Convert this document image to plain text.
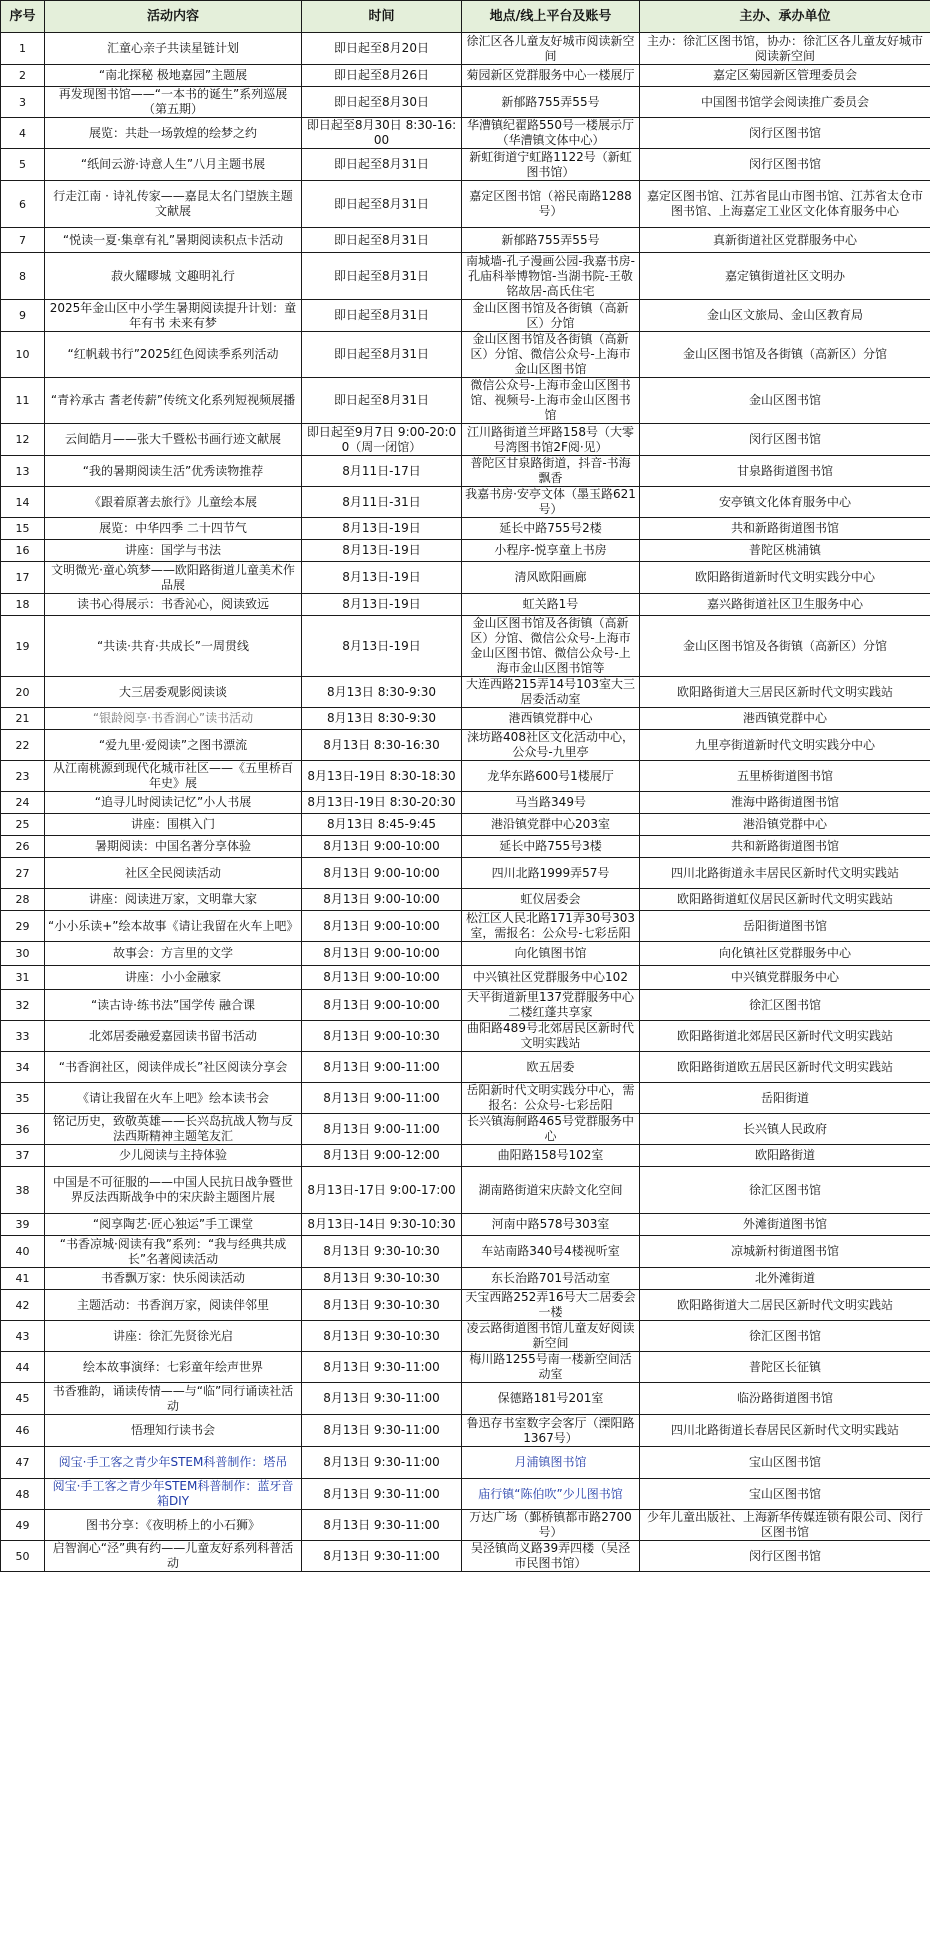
序号	活动内容	时间	地点/线上平台及账号	主办、承办单位
1	汇童心亲子共读星链计划	即日起至8月20日	徐汇区各儿童友好城市阅读新空间	主办：徐汇区图书馆，协办：徐汇区各儿童友好城市阅读新空间
2	“南北探秘 极地嘉园”主题展	即日起至8月26日	菊园新区党群服务中心一楼展厅	嘉定区菊园新区管理委员会
3	再发现图书馆——“一本书的诞生”系列巡展（第五期）	即日起至8月30日	新郁路755弄55号	中国图书馆学会阅读推广委员会
4	展览：共赴一场敦煌的绘梦之约	即日起至8月30日 8:30-16:00	华漕镇纪翟路550号一楼展示厅（华漕镇文体中心）	闵行区图书馆
5	“纸间云游·诗意人生”八月主题书展	即日起至8月31日	新虹街道宁虹路1122号（新虹图书馆）	闵行区图书馆
6	行走江南 · 诗礼传家——嘉昆太名门望族主题文献展	即日起至8月31日	嘉定区图书馆（裕民南路1288号）	嘉定区图书馆、江苏省昆山市图书馆、江苏省太仓市图书馆、上海嘉定工业区文化体育服务中心
7	“悦读一夏·集章有礼”暑期阅读积点卡活动	即日起至8月31日	新郁路755弄55号	真新街道社区党群服务中心
8	菽火耀疁城 文趣明礼行	即日起至8月31日	南城墙-孔子漫画公园-我嘉书房-孔庙科举博物馆-当湖书院-王敬铭故居-高氏住宅	嘉定镇街道社区文明办
9	2025年金山区中小学生暑期阅读提升计划：童年有书 未来有梦	即日起至8月31日	金山区图书馆及各街镇（高新区）分馆	金山区文旅局、金山区教育局
10	“红帆载书行”2025红色阅读季系列活动	即日起至8月31日	金山区图书馆及各街镇（高新区）分馆、微信公众号-上海市金山区图书馆	金山区图书馆及各街镇（高新区）分馆
11	“青衿承古 耆老传薪”传统文化系列短视频展播	即日起至8月31日	微信公众号-上海市金山区图书馆、视频号-上海市金山区图书馆	金山区图书馆
12	云间皓月——张大千暨松书画行迹文献展	即日起至9月7日 9:00-20:00（周一闭馆）	江川路街道兰坪路158号（大零号湾图书馆2F阅·见）	闵行区图书馆
13	“我的暑期阅读生活”优秀读物推荐	8月11日-17日	普陀区甘泉路街道，抖音-书海飘香	甘泉路街道图书馆
14	《跟着原著去旅行》儿童绘本展	8月11日-31日	我嘉书房·安亭文体（墨玉路621号）	安亭镇文化体育服务中心
15	展览：中华四季 二十四节气	8月13日-19日	延长中路755号2楼	共和新路街道图书馆
16	讲座：国学与书法	8月13日-19日	小程序-悦享童上书房	普陀区桃浦镇
17	文明微光·童心筑梦——欧阳路街道儿童美术作品展	8月13日-19日	清风欧阳画廊	欧阳路街道新时代文明实践分中心
18	读书心得展示：书香沁心，阅读致远	8月13日-19日	虹关路1号	嘉兴路街道社区卫生服务中心
19	“共读·共育·共成长”一周贯线	8月13日-19日	金山区图书馆及各街镇（高新区）分馆、微信公众号-上海市金山区图书馆、微信公众号-上海市金山区图书馆等	金山区图书馆及各街镇（高新区）分馆
20	大三居委观影阅读谈	8月13日 8:30-9:30	大连西路215弄14号103室大三居委活动室	欧阳路街道大三居民区新时代文明实践站
21	“银龄阅享·书香润心”读书活动	8月13日 8:30-9:30	港西镇党群中心	港西镇党群中心
22	“爱九里·爱阅读”之图书漂流	8月13日 8:30-16:30	涞坊路408社区文化活动中心，公众号-九里亭	九里亭街道新时代文明实践分中心
23	从江南桃源到现代化城市社区——《五里桥百年史》展	8月13日-19日 8:30-18:30	龙华东路600号1楼展厅	五里桥街道图书馆
24	“追寻儿时阅读记忆”小人书展	8月13日-19日 8:30-20:30	马当路349号	淮海中路街道图书馆
25	讲座：围棋入门	8月13日 8:45-9:45	港沿镇党群中心203室	港沿镇党群中心
26	暑期阅读：中国名著分享体验	8月13日 9:00-10:00	延长中路755号3楼	共和新路街道图书馆
27	社区全民阅读活动	8月13日 9:00-10:00	四川北路1999弄57号	四川北路街道永丰居民区新时代文明实践站
28	讲座：阅读进万家，文明靠大家	8月13日 9:00-10:00	虹仪居委会	欧阳路街道虹仪居民区新时代文明实践站
29	“小小乐读+”绘本故事《请让我留在火车上吧》	8月13日 9:00-10:00	松江区人民北路171弄30号303室，需报名：公众号-七彩岳阳	岳阳街道图书馆
30	故事会：方言里的文学	8月13日 9:00-10:00	向化镇图书馆	向化镇社区党群服务中心
31	讲座：小小金融家	8月13日 9:00-10:00	中兴镇社区党群服务中心102	中兴镇党群服务中心
32	“读古诗·练书法”国学传 融合课	8月13日 9:00-10:00	天平街道新里137党群服务中心二楼红蓬共享家	徐汇区图书馆
33	北郊居委融爱嘉园读书留书活动	8月13日 9:00-10:30	曲阳路489号北郊居民区新时代文明实践站	欧阳路街道北郊居民区新时代文明实践站
34	“书香润社区，阅读伴成长”社区阅读分享会	8月13日 9:00-11:00	欧五居委	欧阳路街道欧五居民区新时代文明实践站
35	《请让我留在火车上吧》绘本读书会	8月13日 9:00-11:00	岳阳新时代文明实践分中心，需报名：公众号-七彩岳阳	岳阳街道
36	铭记历史，致敬英雄——长兴岛抗战人物与反法西斯精神主题笔友汇	8月13日 9:00-11:00	长兴镇海舸路465号党群服务中心	长兴镇人民政府
37	少儿阅读与主持体验	8月13日 9:00-12:00	曲阳路158号102室	欧阳路街道
38	中国是不可征服的——中国人民抗日战争暨世界反法西斯战争中的宋庆龄主题图片展	8月13日-17日 9:00-17:00	湖南路街道宋庆龄文化空间	徐汇区图书馆
39	“阅享陶艺·匠心独运”手工课堂	8月13日-14日 9:30-10:30	河南中路578号303室	外滩街道图书馆
40	“书香凉城·阅读有我”系列：“我与经典共成长”名著阅读活动	8月13日 9:30-10:30	车站南路340号4楼视听室	凉城新村街道图书馆
41	书香飘万家：快乐阅读活动	8月13日 9:30-10:30	东长治路701号活动室	北外滩街道
42	主题活动：书香润万家，阅读伴邻里	8月13日 9:30-10:30	天宝西路252弄16号大二居委会一楼	欧阳路街道大二居民区新时代文明实践站
43	讲座：徐汇先贤徐光启	8月13日 9:30-10:30	凌云路街道图书馆儿童友好阅读新空间	徐汇区图书馆
44	绘本故事演绎：七彩童年绘声世界	8月13日 9:30-11:00	梅川路1255号南一楼新空间活动室	普陀区长征镇
45	书香雅韵，诵读传情——与“临”同行诵读社活动	8月13日 9:30-11:00	保德路181号201室	临汾路街道图书馆
46	悟理知行读书会	8月13日 9:30-11:00	鲁迅存书室数字会客厅（溧阳路1367号）	四川北路街道长春居民区新时代文明实践站
47	阅宝·手工客之青少年STEM科普制作：塔吊	8月13日 9:30-11:00	月浦镇图书馆	宝山区图书馆
48	阅宝·手工客之青少年STEM科普制作：蓝牙音箱DIY	8月13日 9:30-11:00	庙行镇“陈伯吹”少儿图书馆	宝山区图书馆
49	图书分享：《夜明桥上的小石狮》	8月13日 9:30-11:00	万达广场（鄞桥镇都市路2700号）	少年儿童出版社、上海新华传媒连锁有限公司、闵行区图书馆
50	启智润心“泾”典有约——儿童友好系列科普活动	8月13日 9:30-11:00	吴泾镇尚义路39弄四楼（吴泾市民图书馆）	闵行区图书馆
